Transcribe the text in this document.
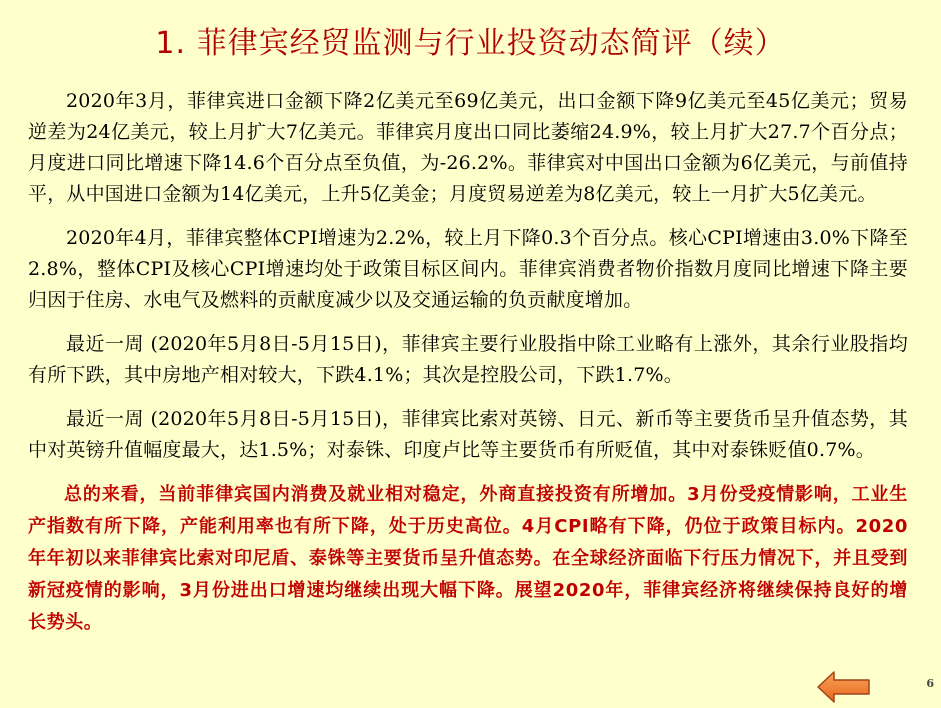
1. 菲律宾经贸监测与行业投资动态简评（续）

2020年3月，菲律宾进口金额下降2亿美元至69亿美元，出口金额下降9亿美元至45亿美元；贸易逆差为24亿美元，较上月扩大7亿美元。菲律宾月度出口同比萎缩24.9%，较上月扩大27.7个百分点；月度进口同比增速下降14.6个百分点至负值，为-26.2%。菲律宾对中国出口金额为6亿美元，与前值持平，从中国进口金额为14亿美元，上升5亿美金；月度贸易逆差为8亿美元，较上一月扩大5亿美元。

2020年4月，菲律宾整体CPI增速为2.2%，较上月下降0.3个百分点。核心CPI增速由3.0%下降至2.8%，整体CPI及核心CPI增速均处于政策目标区间内。菲律宾消费者物价指数月度同比增速下降主要归因于住房、水电气及燃料的贡献度减少以及交通运输的负贡献度增加。

最近一周 (2020年5月8日-5月15日)，菲律宾主要行业股指中除工业略有上涨外，其余行业股指均有所下跌，其中房地产相对较大，下跌4.1%；其次是控股公司，下跌1.7%。

最近一周 (2020年5月8日-5月15日)，菲律宾比索对英镑、日元、新币等主要货币呈升值态势，其中对英镑升值幅度最大，达1.5%；对泰铢、印度卢比等主要货币有所贬值，其中对泰铢贬值0.7%。

总的来看，当前菲律宾国内消费及就业相对稳定，外商直接投资有所增加。3月份受疫情影响，工业生产指数有所下降，产能利用率也有所下降，处于历史高位。4月CPI略有下降，仍位于政策目标内。2020年年初以来菲律宾比索对印尼盾、泰铢等主要货币呈升值态势。在全球经济面临下行压力情况下，并且受到新冠疫情的影响，3月份进出口增速均继续出现大幅下降。展望2020年，菲律宾经济将继续保持良好的增长势头。

6
